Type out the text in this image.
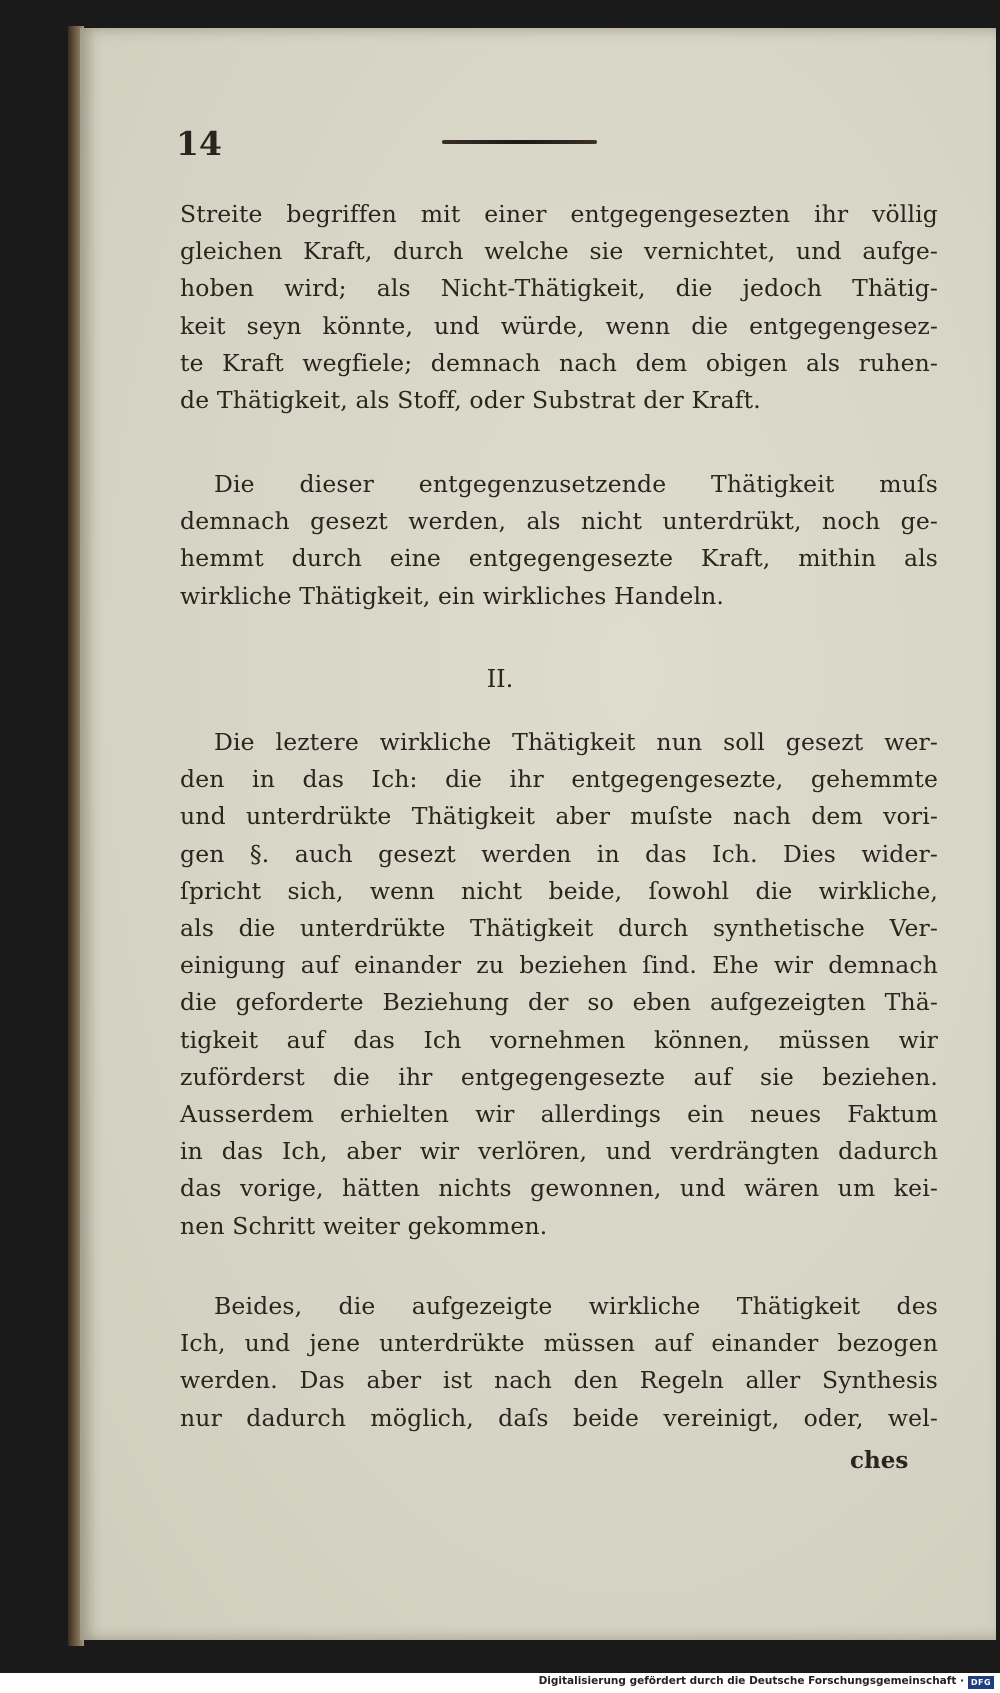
14
Streite begriffen mit einer entgegengesezten ihr völlig
gleichen Kraft, durch welche sie vernichtet, und aufge-
hoben wird; als Nicht-Thätigkeit, die jedoch Thätig-
keit seyn könnte, und würde, wenn die entgegengesez-
te Kraft wegfiele; demnach nach dem obigen als ruhen-
de Thätigkeit, als Stoff, oder Substrat der Kraft.
Die dieser entgegenzusetzende Thätigkeit muſs
demnach gesezt werden, als nicht unterdrükt, noch ge-
hemmt durch eine entgegengesezte Kraft, mithin als
wirkliche Thätigkeit, ein wirkliches Handeln.
II.
Die leztere wirkliche Thätigkeit nun soll gesezt wer-
den in das Ich: die ihr entgegengesezte, gehemmte
und unterdrükte Thätigkeit aber muſste nach dem vori-
gen §. auch gesezt werden in das Ich. Dies wider-
ſpricht sich, wenn nicht beide, ſowohl die wirkliche,
als die unterdrükte Thätigkeit durch synthetische Ver-
einigung auf einander zu beziehen ſind. Ehe wir demnach
die geforderte Beziehung der so eben aufgezeigten Thä-
tigkeit auf das Ich vornehmen können, müssen wir
zuförderst die ihr entgegengesezte auf sie beziehen.
Ausserdem erhielten wir allerdings ein neues Faktum
in das Ich, aber wir verlören, und verdrängten dadurch
das vorige, hätten nichts gewonnen, und wären um kei-
nen Schritt weiter gekommen.
Beides, die aufgezeigte wirkliche Thätigkeit des
Ich, und jene unterdrükte müssen auf einander bezogen
werden. Das aber ist nach den Regeln aller Synthesis
nur dadurch möglich, daſs beide vereinigt, oder, wel-
ches
Digitalisierung gefördert durch die Deutsche Forschungsgemeinschaft · DFG
